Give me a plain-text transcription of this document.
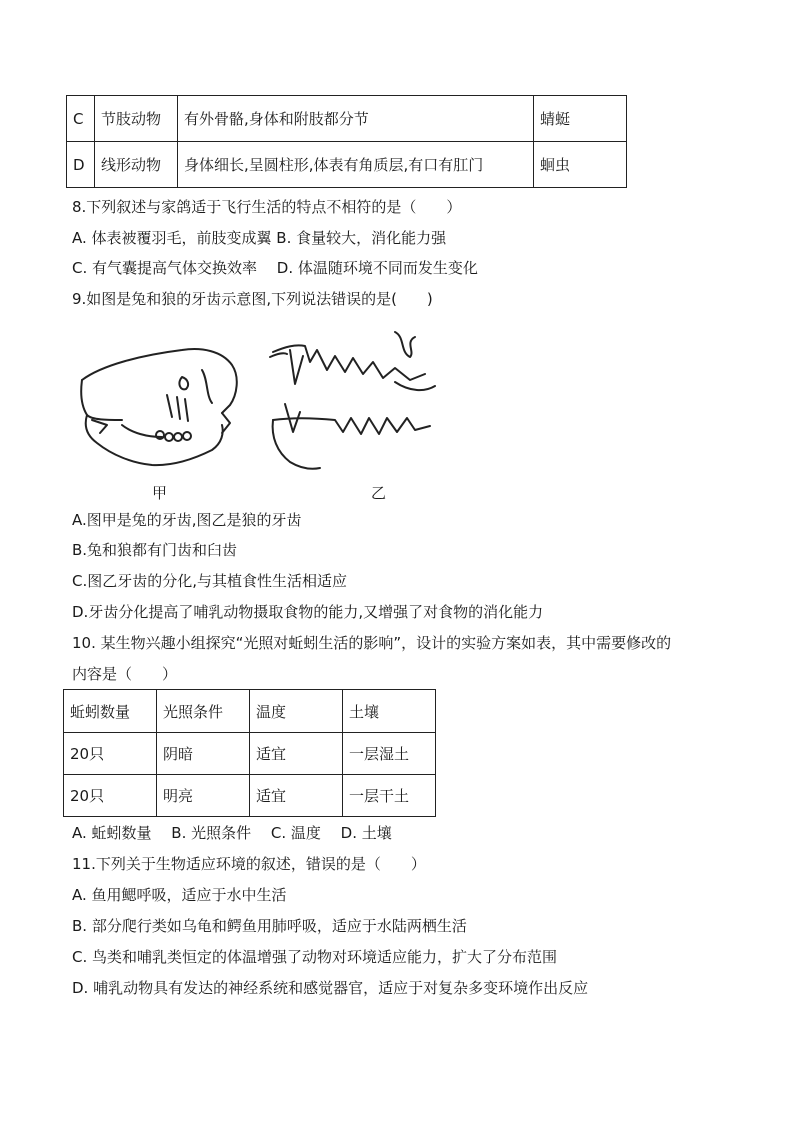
C	节肢动物	有外骨骼,身体和附肢都分节	蜻蜓
D	线形动物	身体细长,呈圆柱形,体表有角质层,有口有肛门	蛔虫
8.下列叙述与家鸽适于飞行生活的特点不相符的是（　　）
A. 体表被覆羽毛，前肢变成翼 B. 食量较大，消化能力强
C. 有气囊提高气体交换效率　 D. 体温随环境不同而发生变化
9.如图是兔和狼的牙齿示意图,下列说法错误的是(　　)
甲	乙
A.图甲是兔的牙齿,图乙是狼的牙齿
B.兔和狼都有门齿和臼齿
C.图乙牙齿的分化,与其植食性生活相适应
D.牙齿分化提高了哺乳动物摄取食物的能力,又增强了对食物的消化能力
10. 某生物兴趣小组探究“光照对蚯蚓生活的影响”，设计的实验方案如表，其中需要修改的
内容是（　　）
蚯蚓数量	光照条件	温度	土壤
20只	阴暗	适宜	一层湿土
20只	明亮	适宜	一层干土
A. 蚯蚓数量　 B. 光照条件　 C. 温度　 D. 土壤
11.下列关于生物适应环境的叙述，错误的是（　　）
A. 鱼用鳃呼吸，适应于水中生活
B. 部分爬行类如乌龟和鳄鱼用肺呼吸，适应于水陆两栖生活
C. 鸟类和哺乳类恒定的体温增强了动物对环境适应能力，扩大了分布范围
D. 哺乳动物具有发达的神经系统和感觉器官，适应于对复杂多变环境作出反应
